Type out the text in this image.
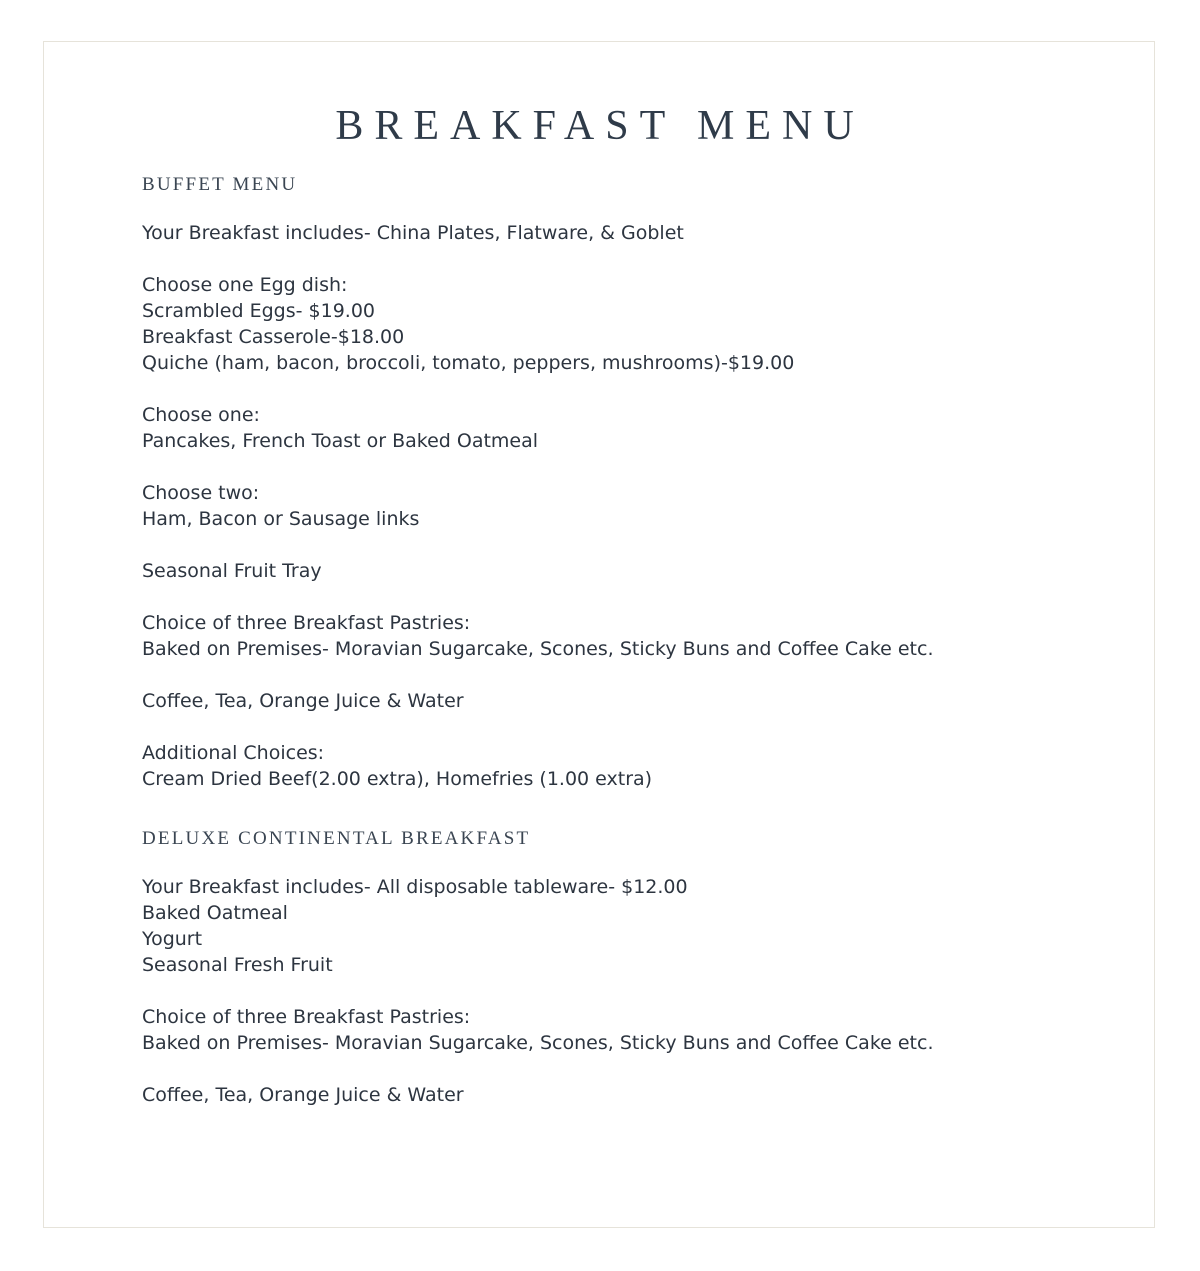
BREAKFAST MENU
BUFFET MENU
Your Breakfast includes- China Plates, Flatware, & Goblet
Choose one Egg dish:
Scrambled Eggs- $19.00
Breakfast Casserole-$18.00
Quiche (ham, bacon, broccoli, tomato, peppers, mushrooms)-$19.00
Choose one:
Pancakes, French Toast or Baked Oatmeal
Choose two:
Ham, Bacon or Sausage links
Seasonal Fruit Tray
Choice of three Breakfast Pastries:
Baked on Premises- Moravian Sugarcake, Scones, Sticky Buns and Coffee Cake etc.
Coffee, Tea, Orange Juice & Water
Additional Choices:
Cream Dried Beef(2.00 extra), Homefries (1.00 extra)
DELUXE CONTINENTAL BREAKFAST
Your Breakfast includes- All disposable tableware- $12.00
Baked Oatmeal
Yogurt
Seasonal Fresh Fruit
Choice of three Breakfast Pastries:
Baked on Premises- Moravian Sugarcake, Scones, Sticky Buns and Coffee Cake etc.
Coffee, Tea, Orange Juice & Water
